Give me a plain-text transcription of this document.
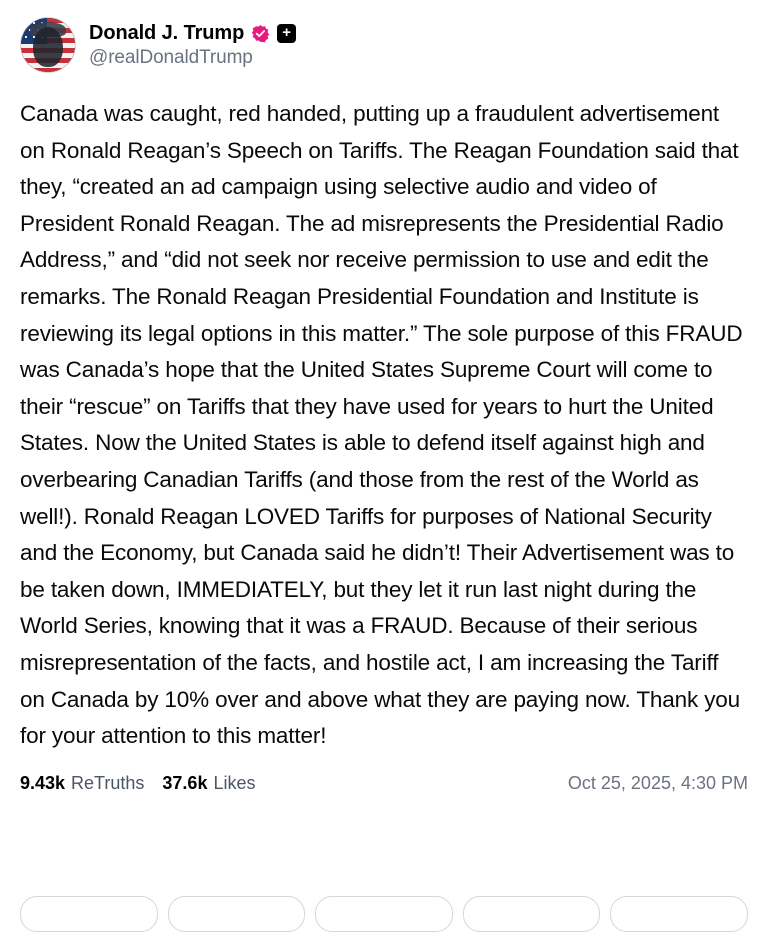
Donald J. Trump	+
@realDonaldTrump
Canada was caught, red handed, putting up a fraudulent advertisement on Ronald Reagan’s Speech on Tariffs. The Reagan Foundation said that they, “created an ad campaign using selective audio and video of President Ronald Reagan. The ad misrepresents the Presidential Radio Address,” and “did not seek nor receive permission to use and edit the remarks. The Ronald Reagan Presidential Foundation and Institute is reviewing its legal options in this matter.” The sole purpose of this FRAUD was Canada’s hope that the United States Supreme Court will come to their “rescue” on Tariffs that they have used for years to hurt the United States. Now the United States is able to defend itself against high and overbearing Canadian Tariffs (and those from the rest of the World as well!). Ronald Reagan LOVED Tariffs for purposes of National Security and the Economy, but Canada said he didn’t! Their Advertisement was to be taken down, IMMEDIATELY, but they let it run last night during the World Series, knowing that it was a FRAUD. Because of their serious misrepresentation of the facts, and hostile act, I am increasing the Tariff on Canada by 10% over and above what they are paying now. Thank you for your attention to this matter!
9.43k ReTruths 37.6k Likes	Oct 25, 2025, 4:30 PM
